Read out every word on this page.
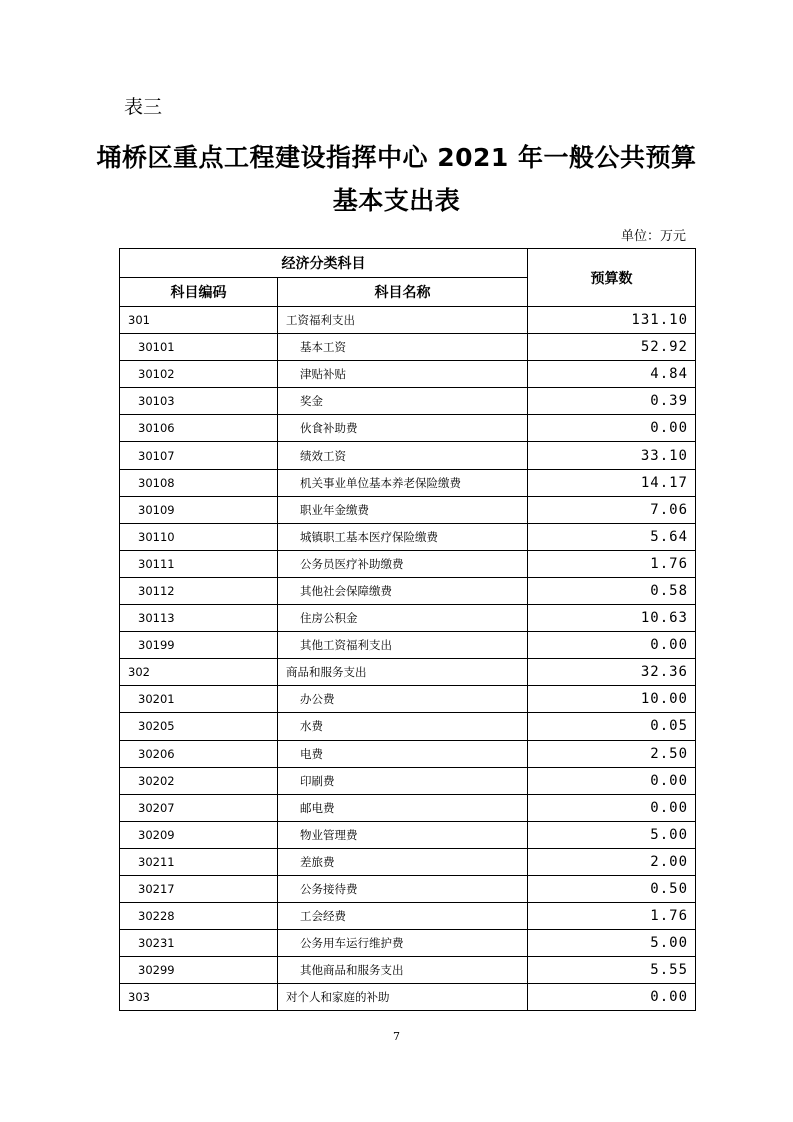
表三
埇桥区重点工程建设指挥中心 2021 年一般公共预算
基本支出表
单位：万元
经济分类科目		预算数
科目编码	科目名称	
301	工资福利支出	131.10
30101	基本工资	52.92
30102	津贴补贴	4.84
30103	奖金	0.39
30106	伙食补助费	0.00
30107	绩效工资	33.10
30108	机关事业单位基本养老保险缴费	14.17
30109	职业年金缴费	7.06
30110	城镇职工基本医疗保险缴费	5.64
30111	公务员医疗补助缴费	1.76
30112	其他社会保障缴费	0.58
30113	住房公积金	10.63
30199	其他工资福利支出	0.00
302	商品和服务支出	32.36
30201	办公费	10.00
30205	水费	0.05
30206	电费	2.50
30202	印刷费	0.00
30207	邮电费	0.00
30209	物业管理费	5.00
30211	差旅费	2.00
30217	公务接待费	0.50
30228	工会经费	1.76
30231	公务用车运行维护费	5.00
30299	其他商品和服务支出	5.55
303	对个人和家庭的补助	0.00
7
